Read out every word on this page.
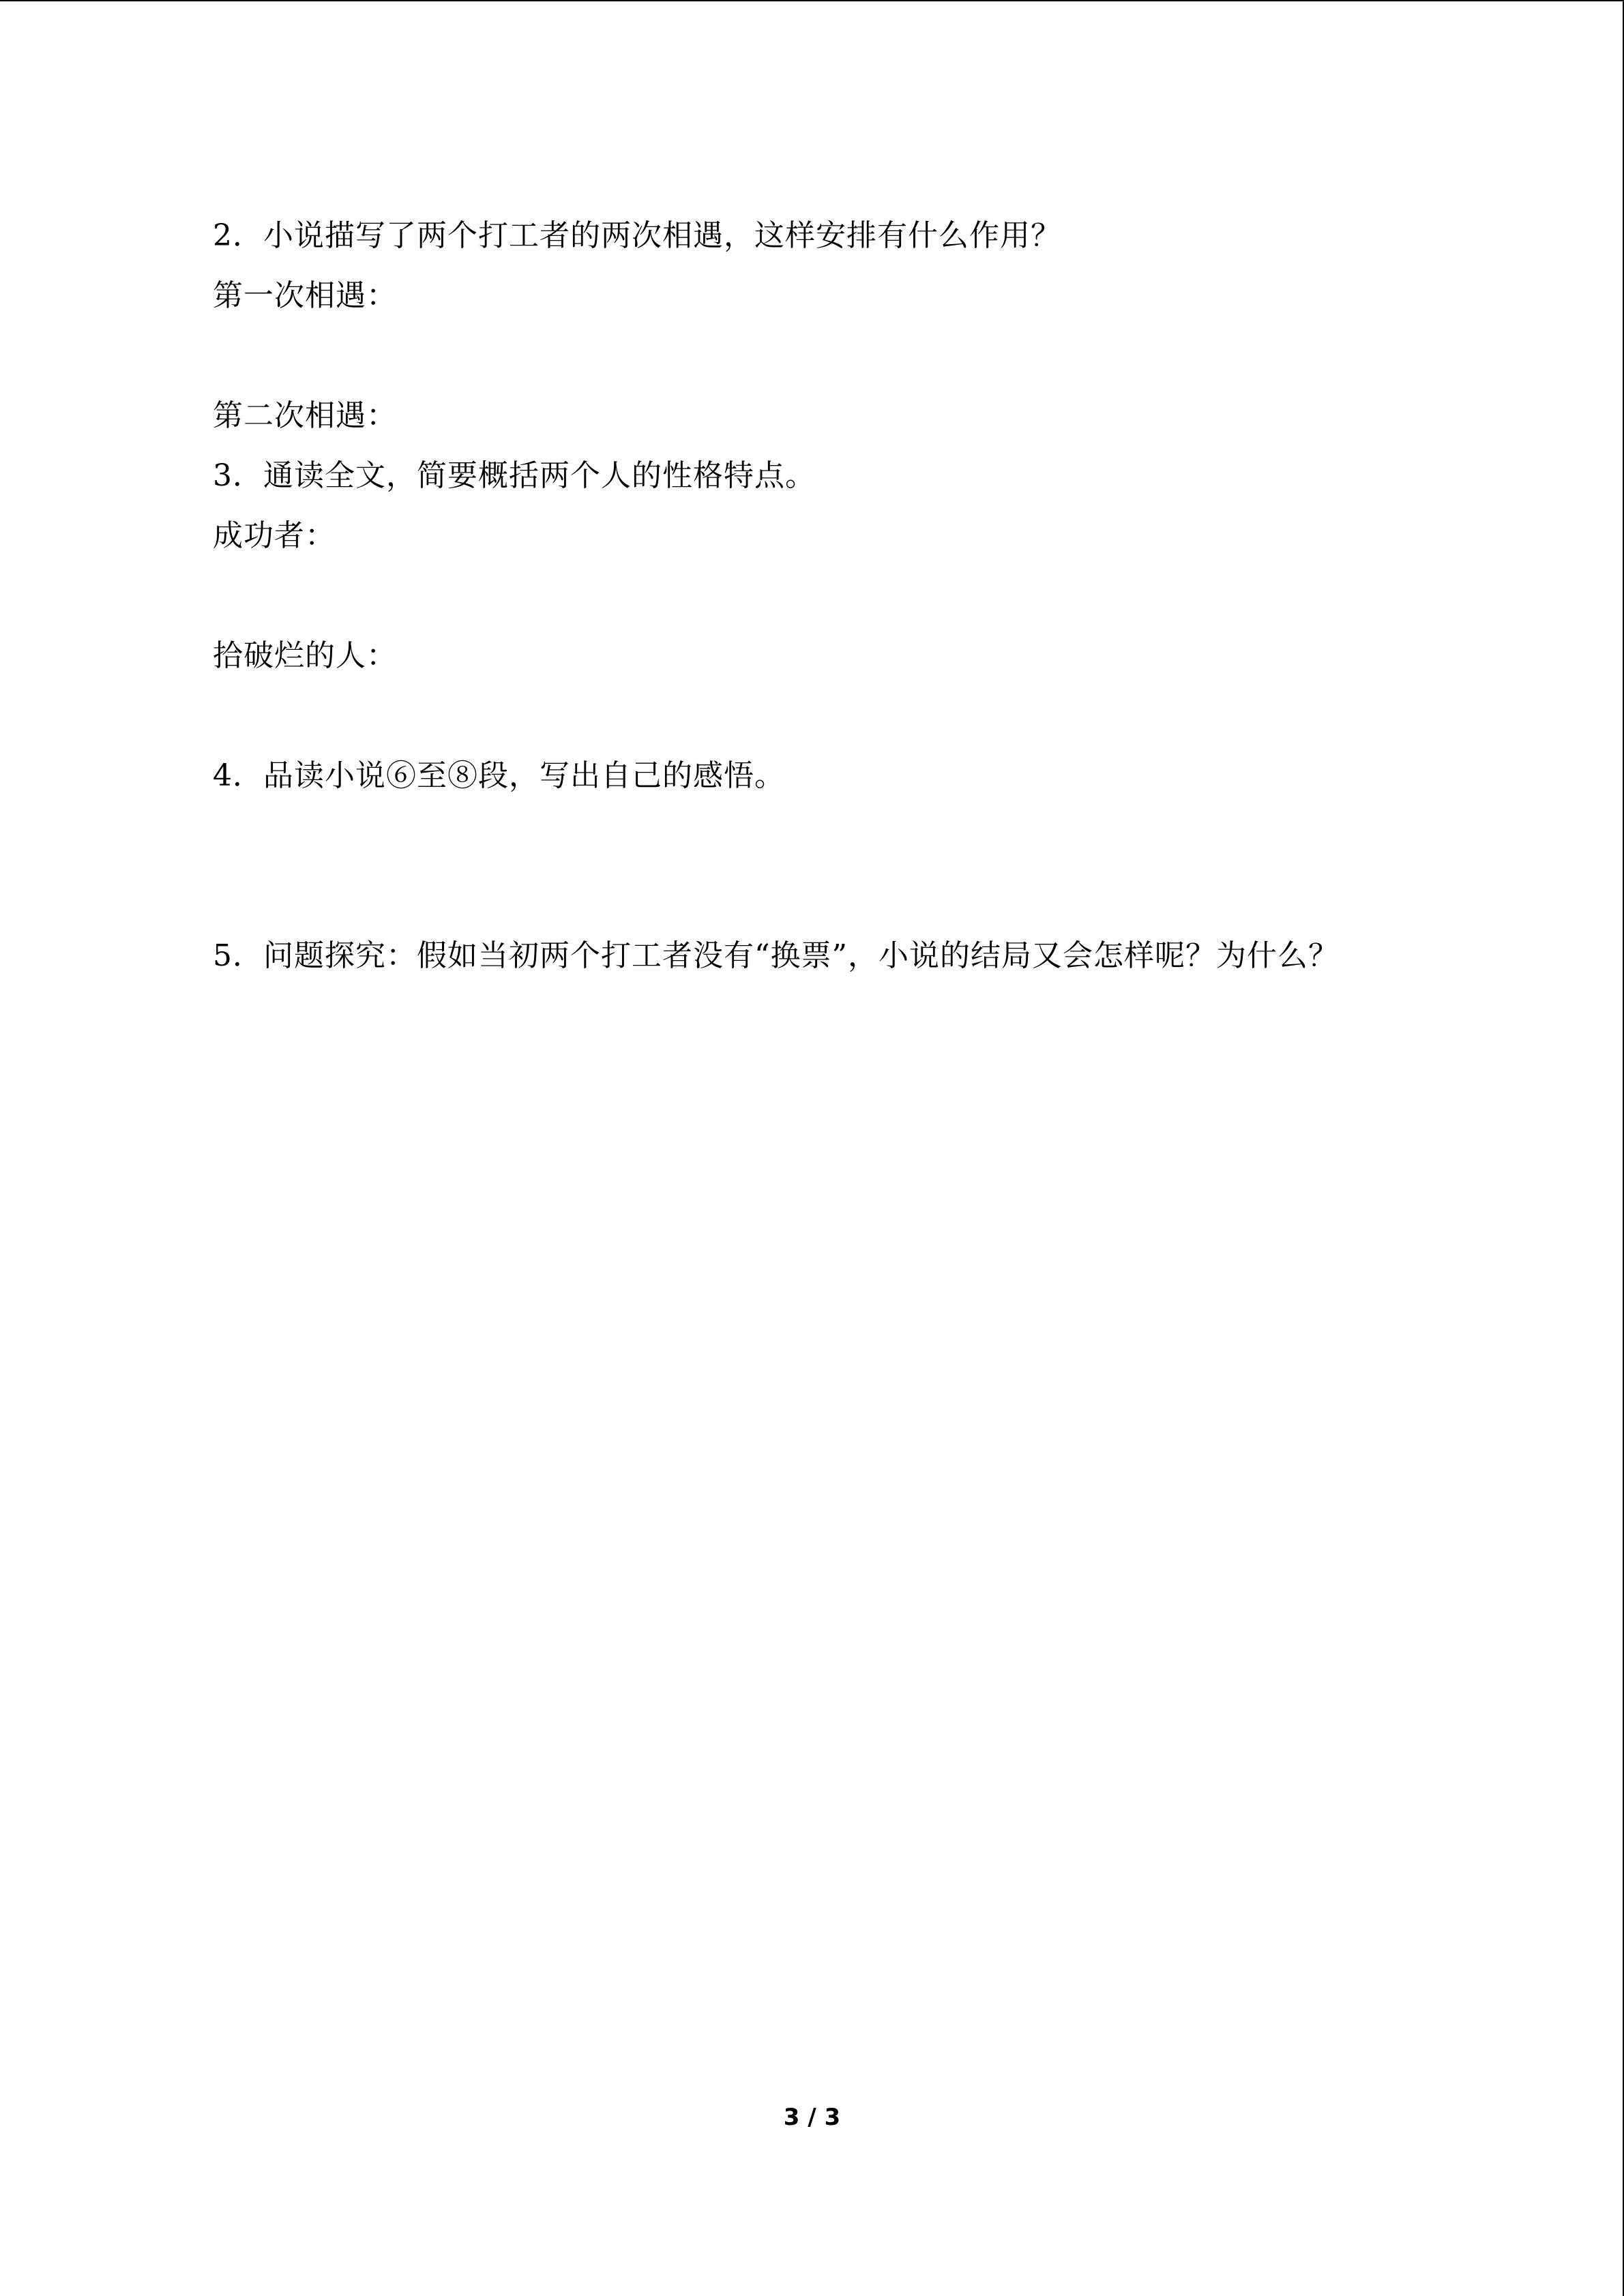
2．小说描写了两个打工者的两次相遇，这样安排有什么作用？

第一次相遇：

第二次相遇：

3．通读全文，简要概括两个人的性格特点。

成功者：

拾破烂的人：

4．品读小说⑥至⑧段，写出自己的感悟。

5．问题探究：假如当初两个打工者没有“换票”，小说的结局又会怎样呢？为什么？

3 / 3
